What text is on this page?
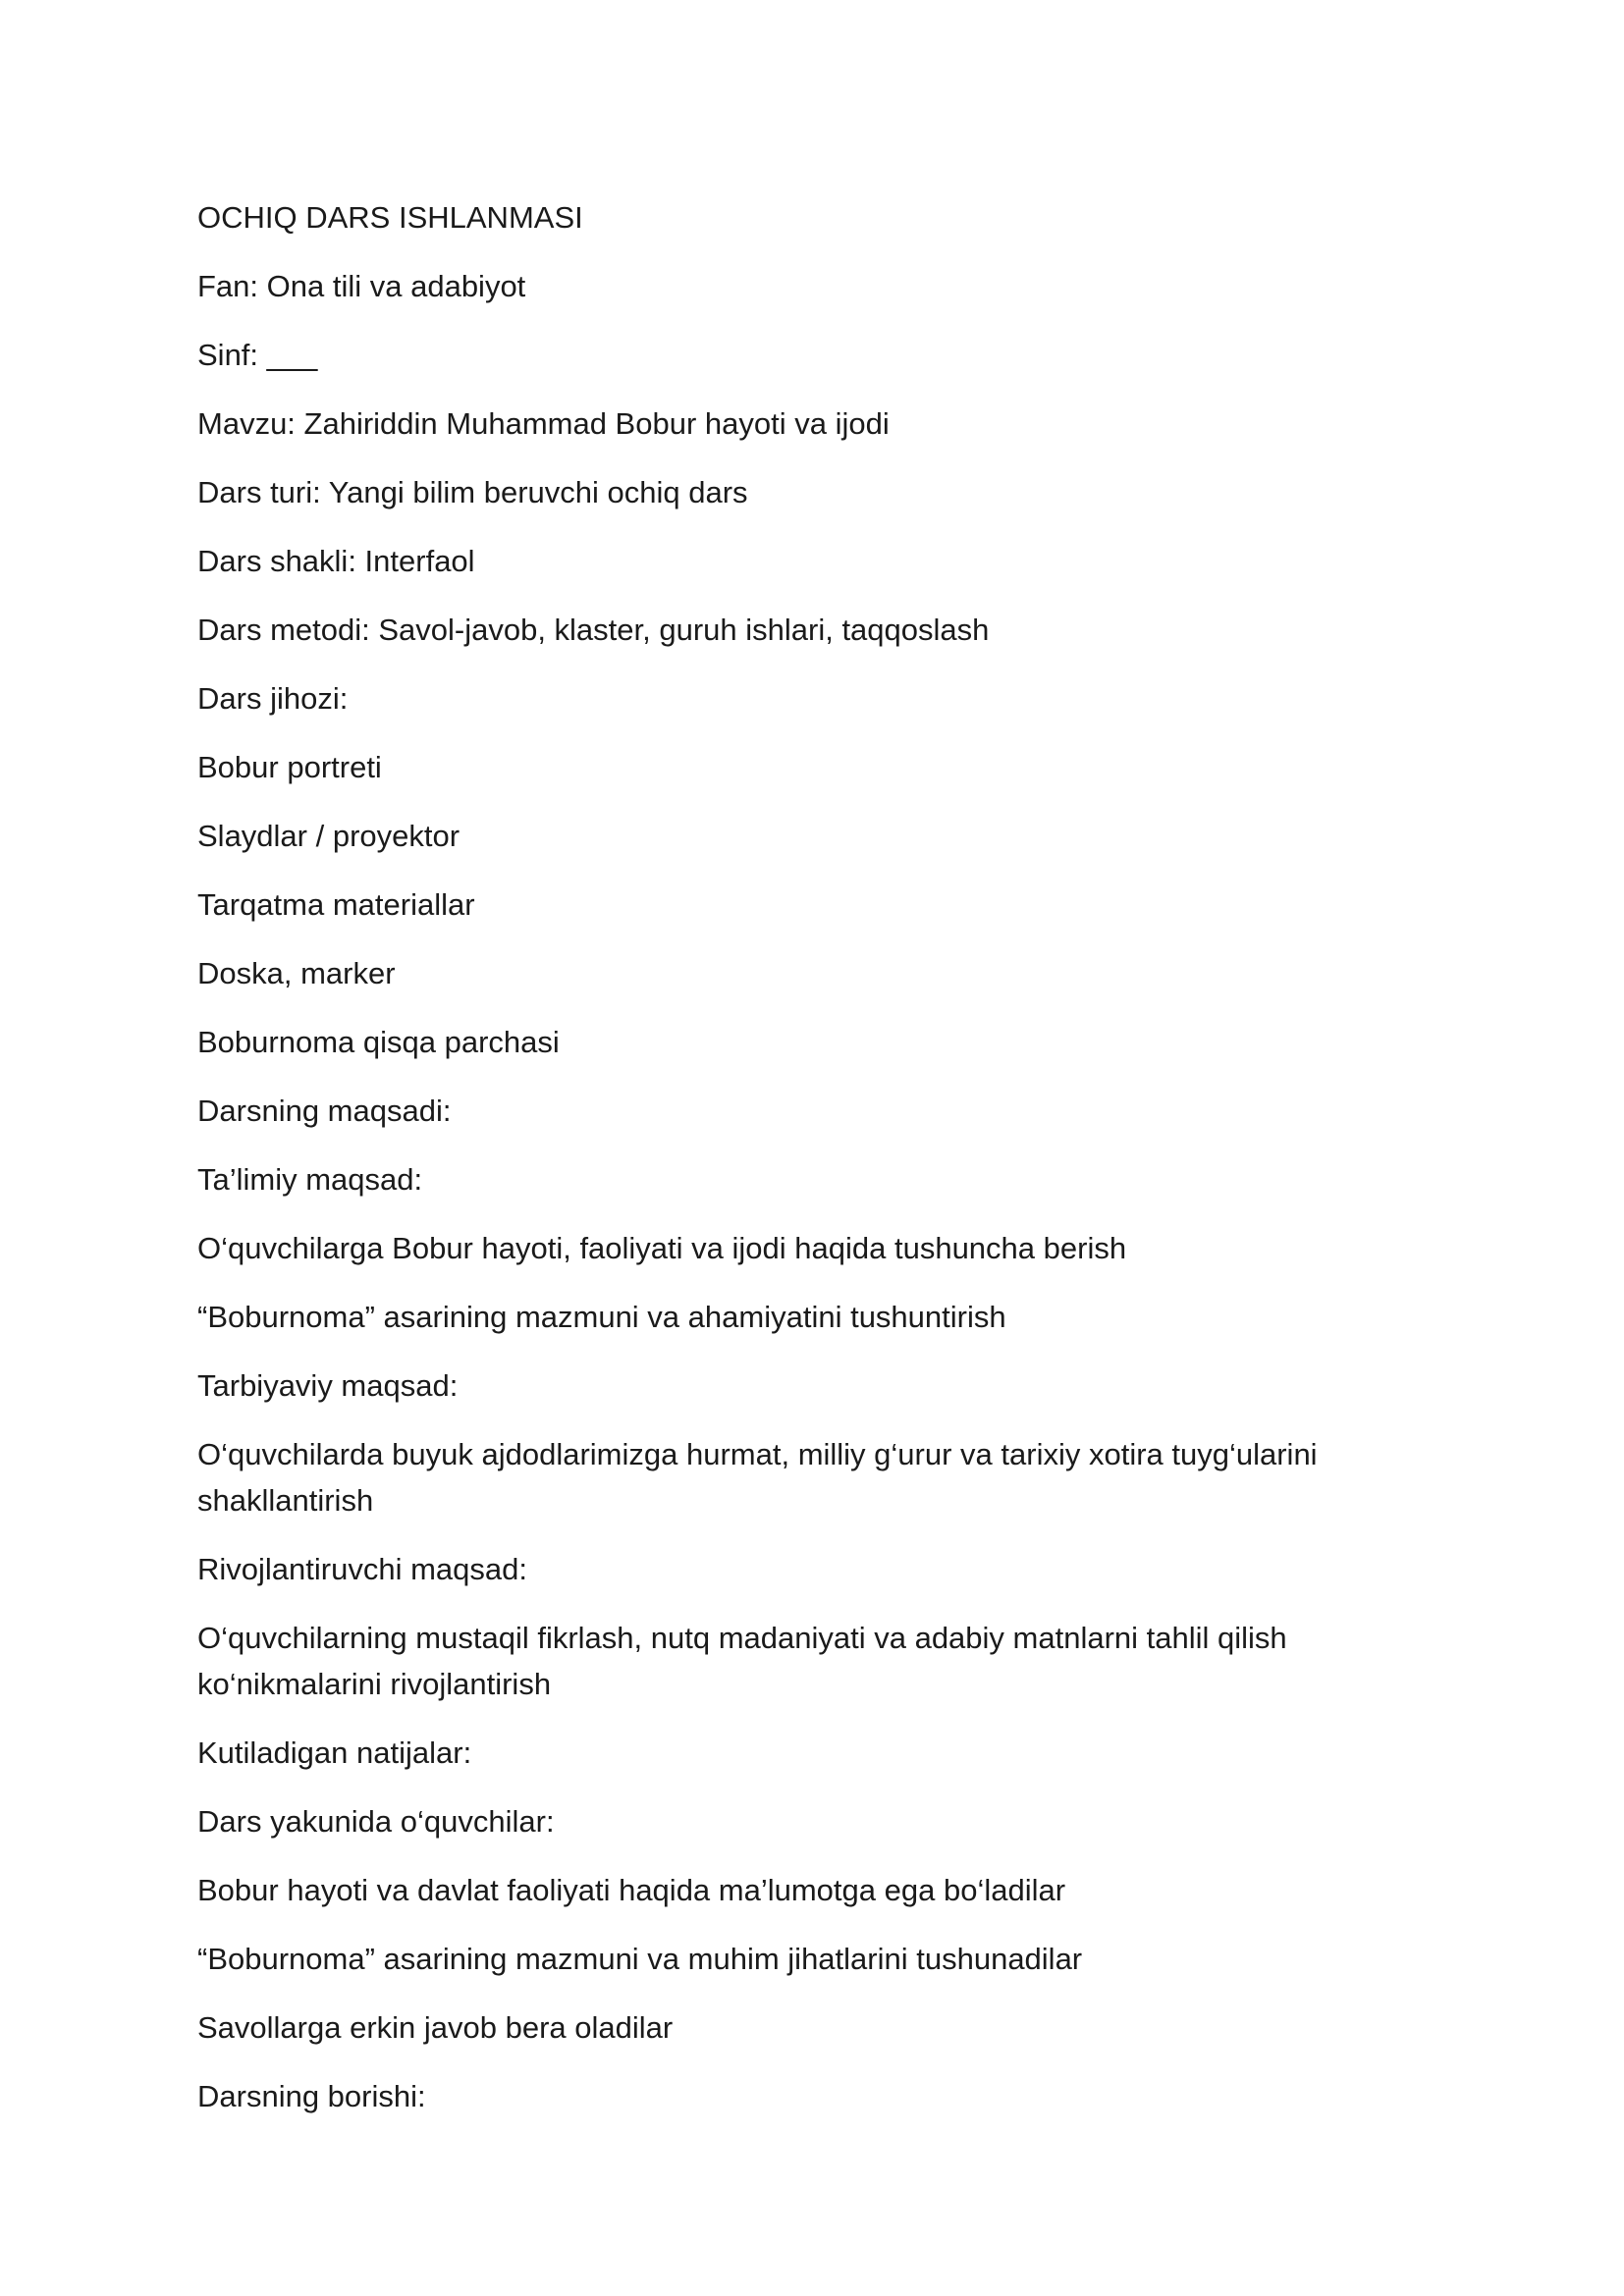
OCHIQ DARS ISHLANMASI

Fan: Ona tili va adabiyot

Sinf: ___

Mavzu: Zahiriddin Muhammad Bobur hayoti va ijodi

Dars turi: Yangi bilim beruvchi ochiq dars

Dars shakli: Interfaol

Dars metodi: Savol-javob, klaster, guruh ishlari, taqqoslash

Dars jihozi:

Bobur portreti

Slaydlar / proyektor

Tarqatma materiallar

Doska, marker

Boburnoma qisqa parchasi

Darsning maqsadi:

Ta’limiy maqsad:

O‘quvchilarga Bobur hayoti, faoliyati va ijodi haqida tushuncha berish

“Boburnoma” asarining mazmuni va ahamiyatini tushuntirish

Tarbiyaviy maqsad:

O‘quvchilarda buyuk ajdodlarimizga hurmat, milliy g‘urur va tarixiy xotira tuyg‘ularini shakllantirish

Rivojlantiruvchi maqsad:

O‘quvchilarning mustaqil fikrlash, nutq madaniyati va adabiy matnlarni tahlil qilish ko‘nikmalarini rivojlantirish

Kutiladigan natijalar:

Dars yakunida o‘quvchilar:

Bobur hayoti va davlat faoliyati haqida ma’lumotga ega bo‘ladilar

“Boburnoma” asarining mazmuni va muhim jihatlarini tushunadilar

Savollarga erkin javob bera oladilar

Darsning borishi:
